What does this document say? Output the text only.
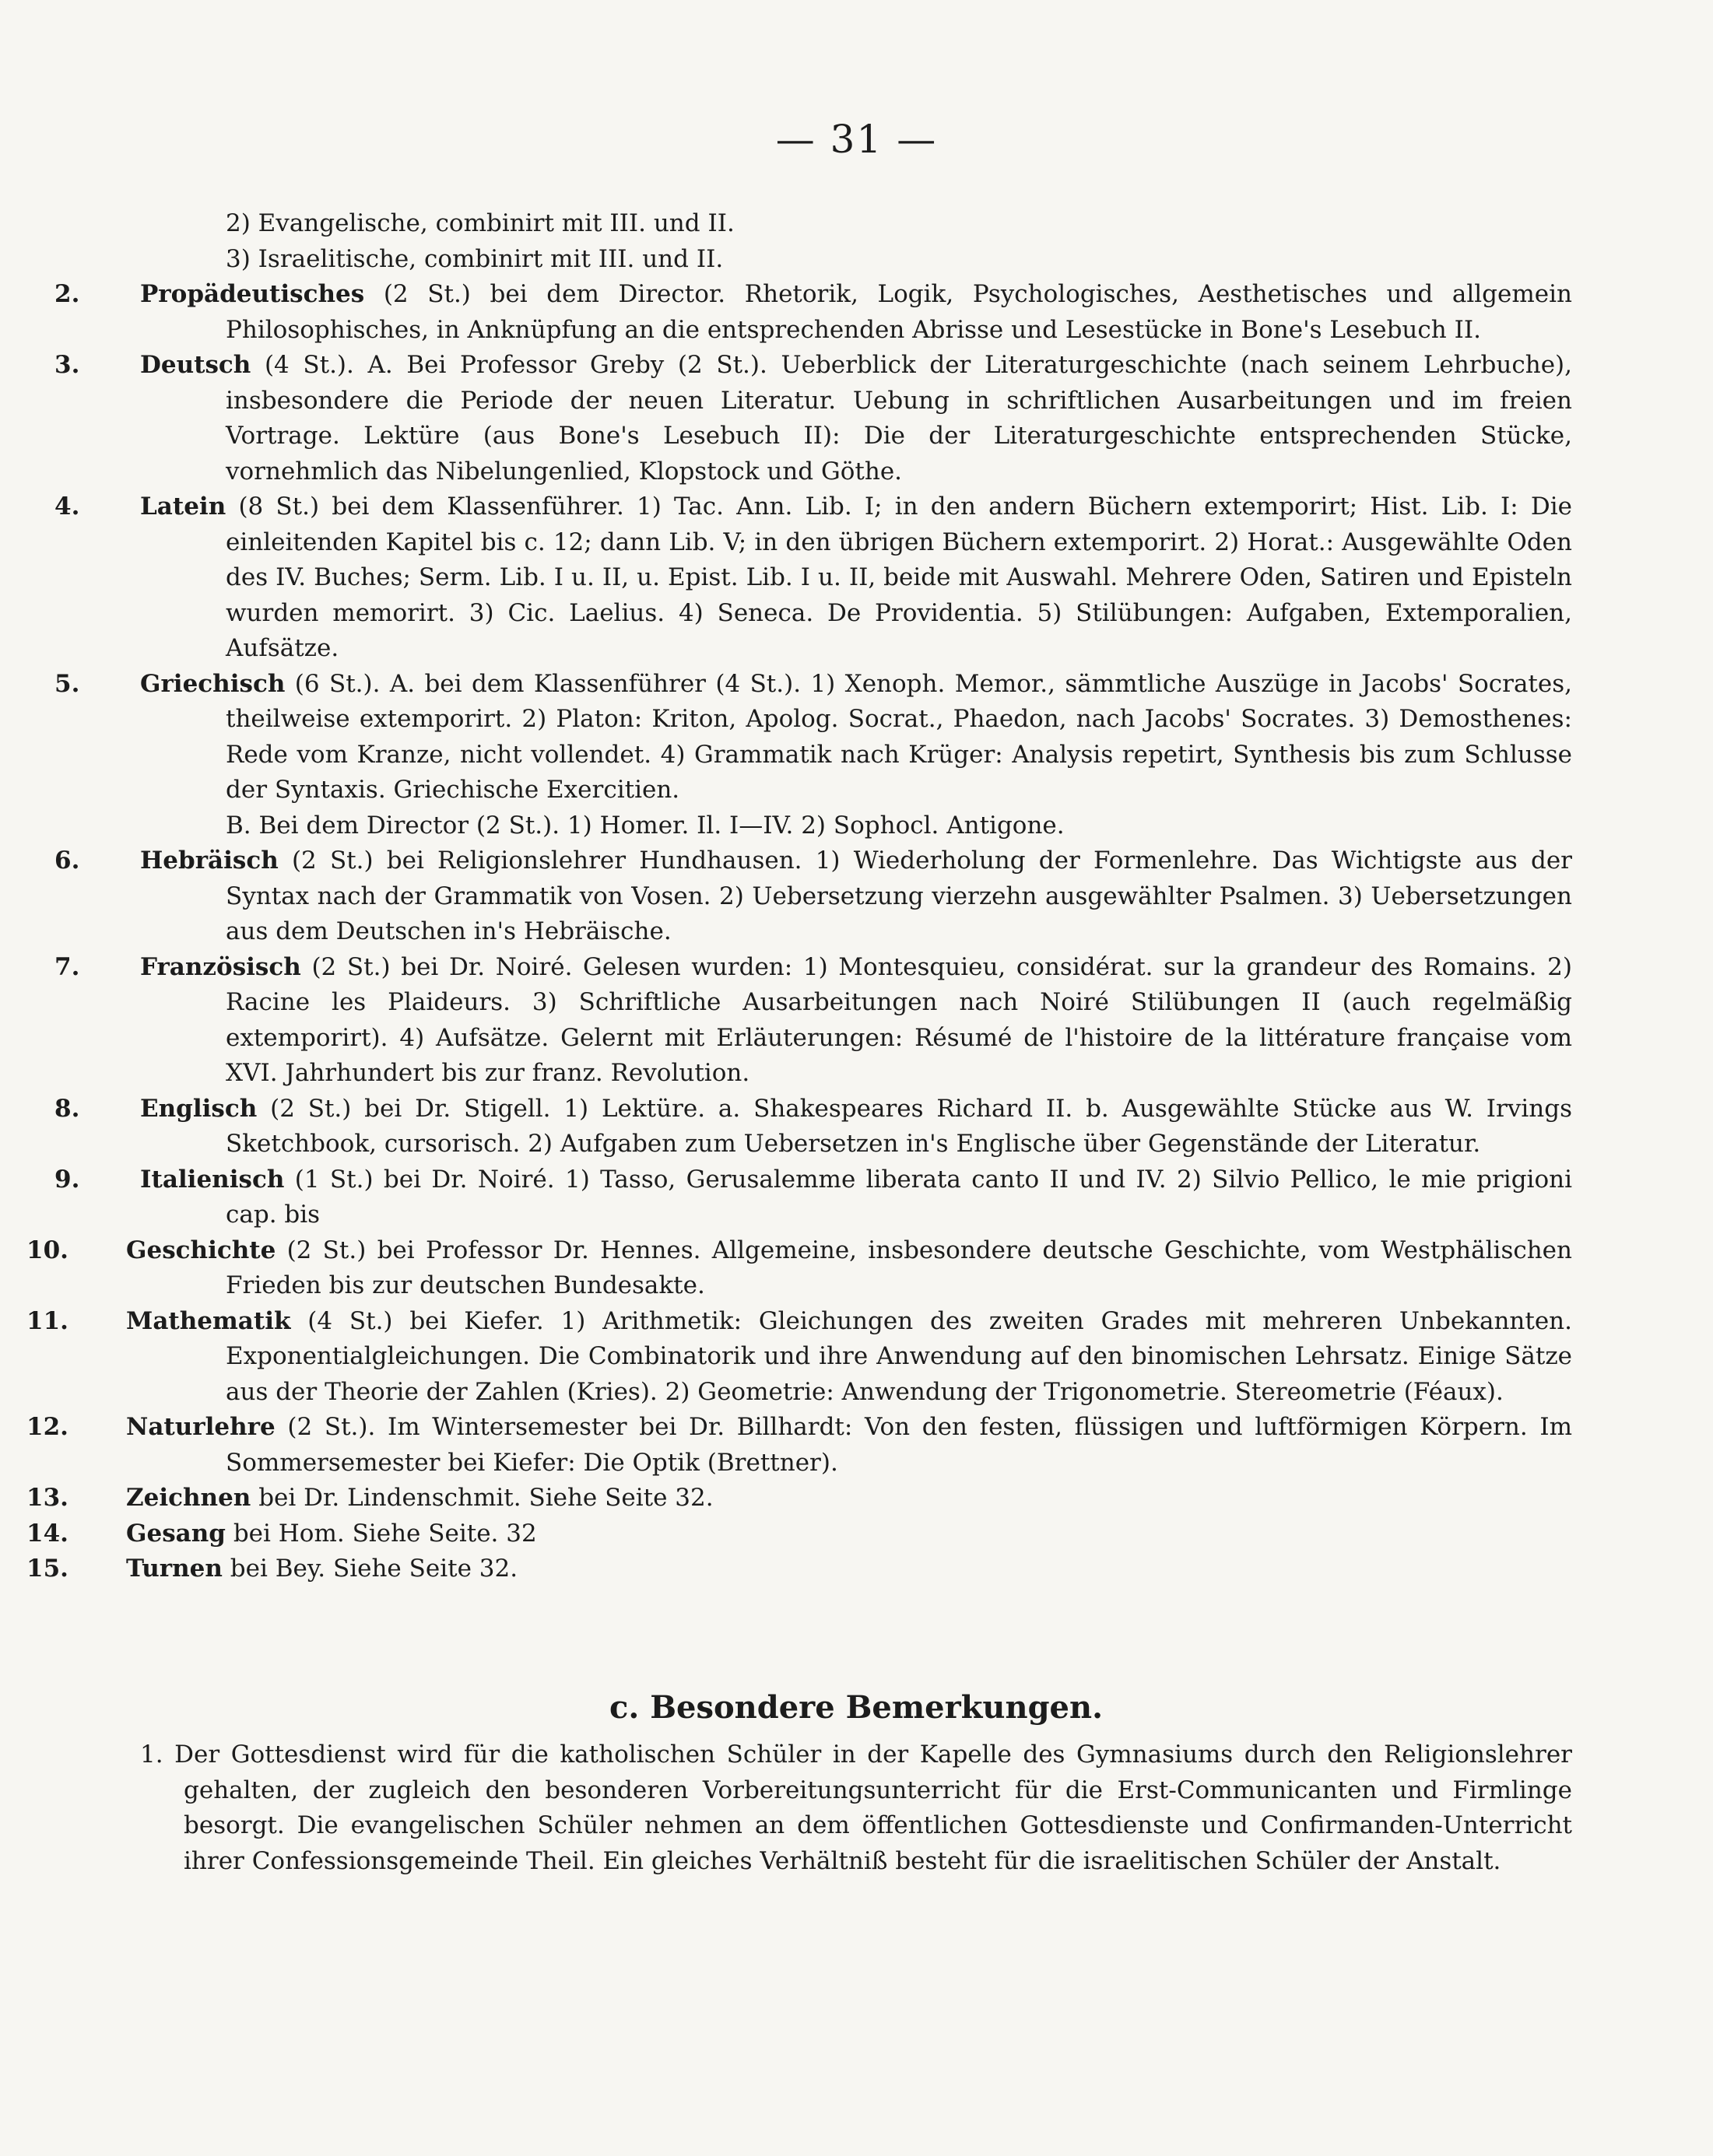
— 31 —
2) Evangelische, combinirt mit III. und II.
3) Israelitische, combinirt mit III. und II.
2.	Propädeutisches (2 St.) bei dem Director. Rhetorik, Logik, Psychologisches, Aesthetisches und allgemein Philosophisches, in Anknüpfung an die entsprechenden Abrisse und Lesestücke in Bone's Lesebuch II.
3.	Deutsch (4 St.). A. Bei Professor Greby (2 St.). Ueberblick der Literaturgeschichte (nach seinem Lehrbuche), insbesondere die Periode der neuen Literatur. Uebung in schriftlichen Ausarbeitungen und im freien Vortrage. Lektüre (aus Bone's Lesebuch II): Die der Literaturgeschichte entsprechenden Stücke, vornehmlich das Nibelungenlied, Klopstock und Göthe.
4.	Latein (8 St.) bei dem Klassenführer. 1) Tac. Ann. Lib. I; in den andern Büchern extemporirt; Hist. Lib. I: Die einleitenden Kapitel bis c. 12; dann Lib. V; in den übrigen Büchern extemporirt. 2) Horat.: Ausgewählte Oden des IV. Buches; Serm. Lib. I u. II, u. Epist. Lib. I u. II, beide mit Auswahl. Mehrere Oden, Satiren und Episteln wurden memorirt. 3) Cic. Laelius. 4) Seneca. De Providentia. 5) Stilübungen: Aufgaben, Extemporalien, Aufsätze.
5.	Griechisch (6 St.). A. bei dem Klassenführer (4 St.). 1) Xenoph. Memor., sämmtliche Auszüge in Jacobs' Socrates, theilweise extemporirt. 2) Platon: Kriton, Apolog. Socrat., Phaedon, nach Jacobs' Socrates. 3) Demosthenes: Rede vom Kranze, nicht vollendet. 4) Grammatik nach Krüger: Analysis repetirt, Synthesis bis zum Schlusse der Syntaxis. Griechische Exercitien.
B. Bei dem Director (2 St.). 1) Homer. Il. I—IV. 2) Sophocl. Antigone.
6.	Hebräisch (2 St.) bei Religionslehrer Hundhausen. 1) Wiederholung der Formenlehre. Das Wichtigste aus der Syntax nach der Grammatik von Vosen. 2) Uebersetzung vierzehn ausgewählter Psalmen. 3) Uebersetzungen aus dem Deutschen in's Hebräische.
7.	Französisch (2 St.) bei Dr. Noiré. Gelesen wurden: 1) Montesquieu, considérat. sur la grandeur des Romains. 2) Racine les Plaideurs. 3) Schriftliche Ausarbeitungen nach Noiré Stilübungen II (auch regelmäßig extemporirt). 4) Aufsätze. Gelernt mit Erläuterungen: Résumé de l'histoire de la littérature française vom XVI. Jahrhundert bis zur franz. Revolution.
8.	Englisch (2 St.) bei Dr. Stigell. 1) Lektüre. a. Shakespeares Richard II. b. Ausgewählte Stücke aus W. Irvings Sketchbook, cursorisch. 2) Aufgaben zum Uebersetzen in's Englische über Gegenstände der Literatur.
9.	Italienisch (1 St.) bei Dr. Noiré. 1) Tasso, Gerusalemme liberata canto II und IV. 2) Silvio Pellico, le mie prigioni cap. bis
10.Geschichte (2 St.) bei Professor Dr. Hennes. Allgemeine, insbesondere deutsche Geschichte, vom Westphälischen Frieden bis zur deutschen Bundesakte.
11.Mathematik (4 St.) bei Kiefer. 1) Arithmetik: Gleichungen des zweiten Grades mit mehreren Unbekannten. Exponentialgleichungen. Die Combinatorik und ihre Anwendung auf den binomischen Lehrsatz. Einige Sätze aus der Theorie der Zahlen (Kries). 2) Geometrie: Anwendung der Trigonometrie. Stereometrie (Féaux).
12.Naturlehre (2 St.). Im Wintersemester bei Dr. Billhardt: Von den festen, flüssigen und luftförmigen Körpern. Im Sommersemester bei Kiefer: Die Optik (Brettner).
13.Zeichnen bei Dr. Lindenschmit. Siehe Seite 32.
14.Gesang bei Hom. Siehe Seite. 32
15.Turnen bei Bey. Siehe Seite 32.
c. Besondere Bemerkungen.
1. Der Gottesdienst wird für die katholischen Schüler in der Kapelle des Gymnasiums durch den Religionslehrer gehalten, der zugleich den besonderen Vorbereitungsunterricht für die Erst-Communicanten und Firmlinge besorgt. Die evangelischen Schüler nehmen an dem öffentlichen Gottesdienste und Confirmanden-Unterricht ihrer Confessionsgemeinde Theil. Ein gleiches Verhältniß besteht für die israelitischen Schüler der Anstalt.
